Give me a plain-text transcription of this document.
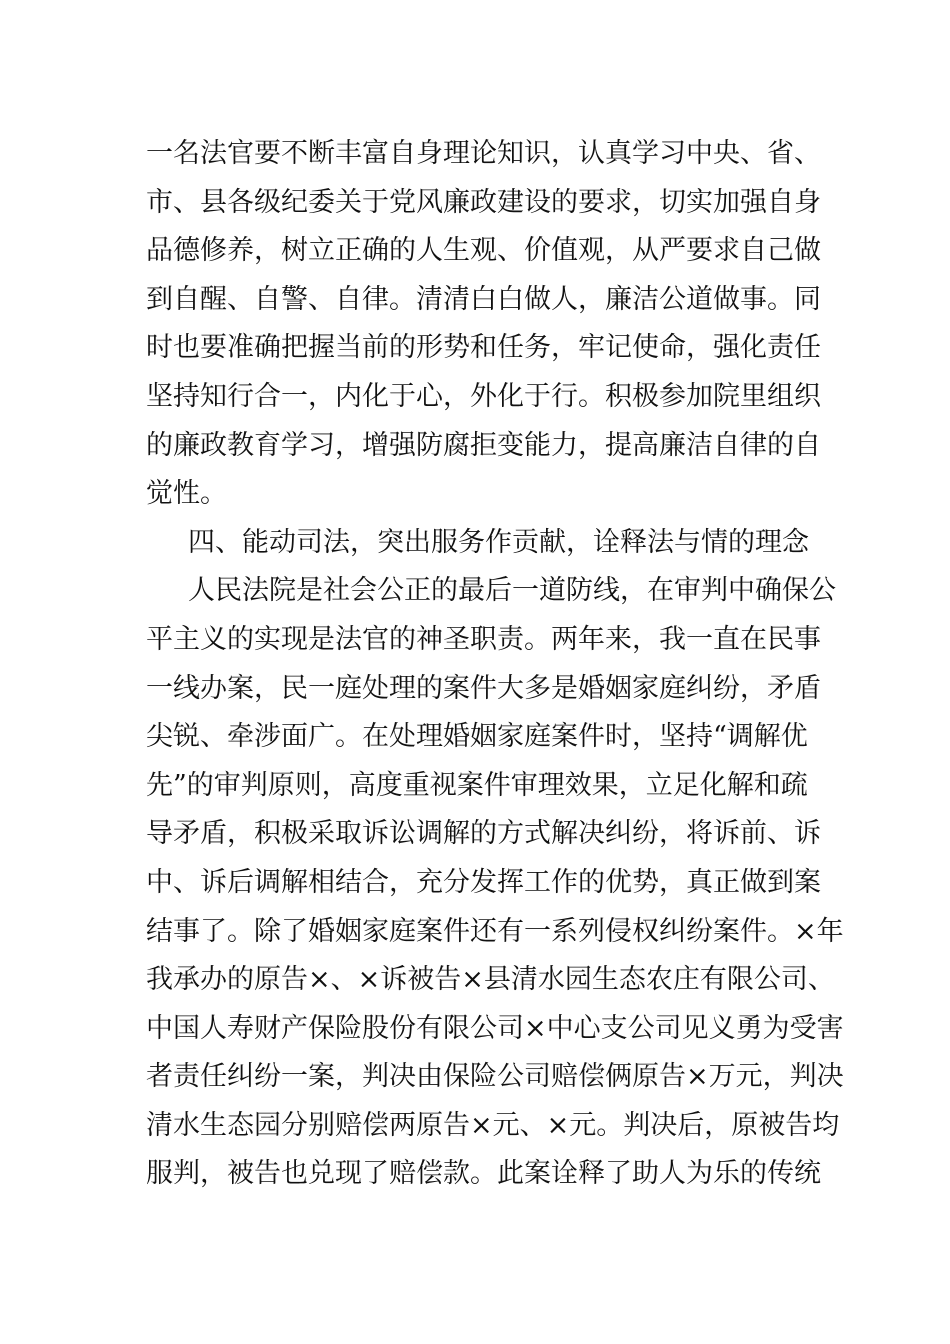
一名法官要不断丰富自身理论知识，认真学习中央、省、
市、县各级纪委关于党风廉政建设的要求，切实加强自身
品德修养，树立正确的人生观、价值观，从严要求自己做
到自醒、自警、自律。清清白白做人，廉洁公道做事。同
时也要准确把握当前的形势和任务，牢记使命，强化责任
坚持知行合一，内化于心，外化于行。积极参加院里组织
的廉政教育学习，增强防腐拒变能力，提高廉洁自律的自
觉性。
四、能动司法，突出服务作贡献，诠释法与情的理念
人民法院是社会公正的最后一道防线，在审判中确保公
平主义的实现是法官的神圣职责。两年来，我一直在民事
一线办案，民一庭处理的案件大多是婚姻家庭纠纷，矛盾
尖锐、牵涉面广。在处理婚姻家庭案件时，坚持“调解优
先”的审判原则，高度重视案件审理效果，立足化解和疏
导矛盾，积极采取诉讼调解的方式解决纠纷，将诉前、诉
中、诉后调解相结合，充分发挥工作的优势，真正做到案
结事了。除了婚姻家庭案件还有一系列侵权纠纷案件。×年
我承办的原告×、×诉被告×县清水园生态农庄有限公司、
中国人寿财产保险股份有限公司×中心支公司见义勇为受害
者责任纠纷一案，判决由保险公司赔偿俩原告×万元，判决
清水生态园分别赔偿两原告×元、×元。判决后，原被告均
服判，被告也兑现了赔偿款。此案诠释了助人为乐的传统
